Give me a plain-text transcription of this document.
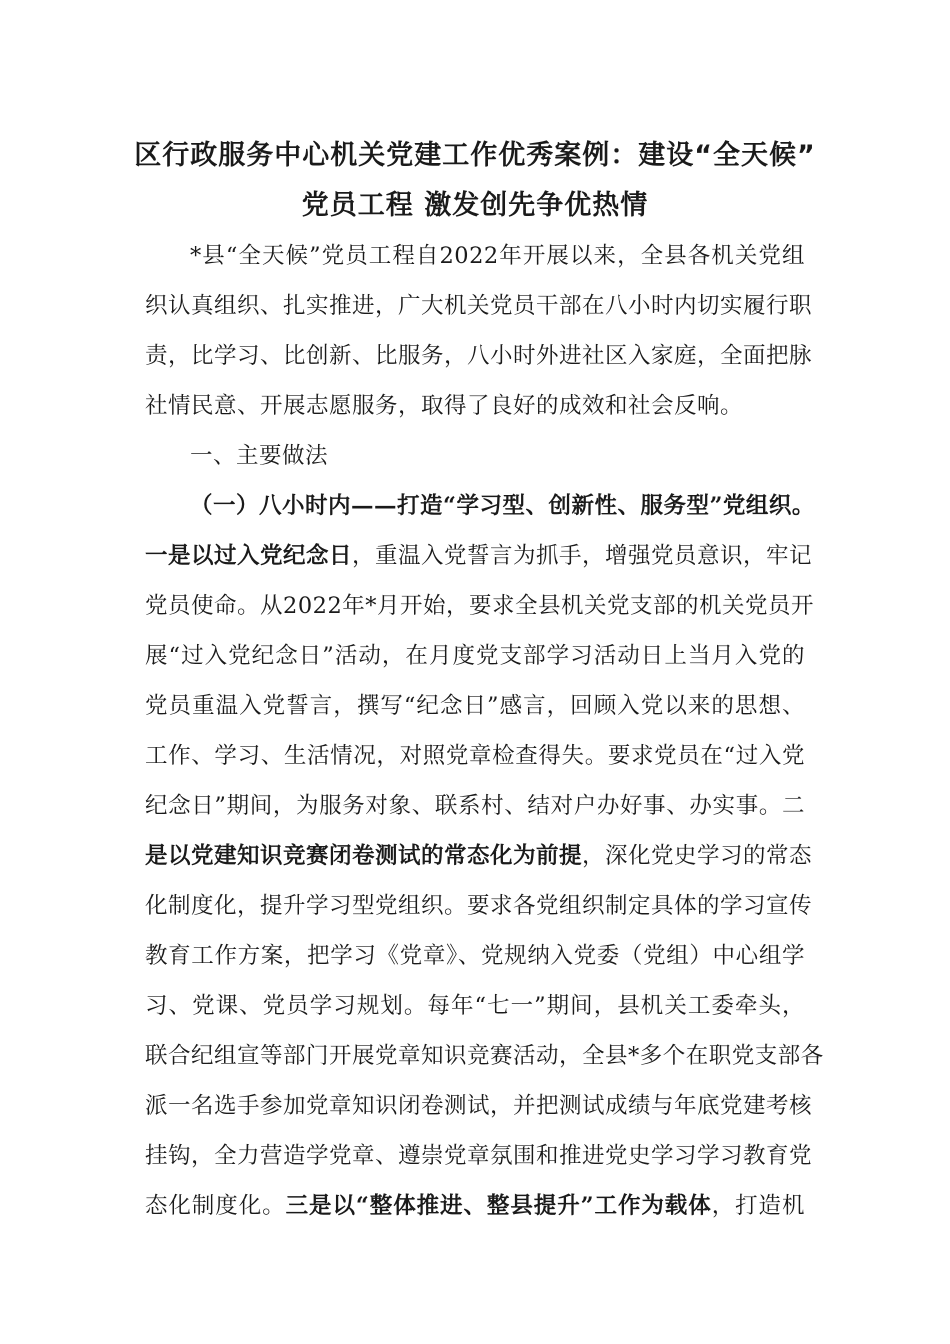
区行政服务中心机关党建工作优秀案例：建设“全天候”
党员工程 激发创先争优热情
*县“全天候”党员工程自2022年开展以来，全县各机关党组
织认真组织、扎实推进，广大机关党员干部在八小时内切实履行职
责，比学习、比创新、比服务，八小时外进社区入家庭，全面把脉
社情民意、开展志愿服务，取得了良好的成效和社会反响。
一、主要做法
（一）八小时内——打造“学习型、创新性、服务型”党组织。
一是以过入党纪念日，重温入党誓言为抓手，增强党员意识，牢记
党员使命。从2022年*月开始，要求全县机关党支部的机关党员开
展“过入党纪念日”活动，在月度党支部学习活动日上当月入党的
党员重温入党誓言，撰写“纪念日”感言，回顾入党以来的思想、
工作、学习、生活情况，对照党章检查得失。要求党员在“过入党
纪念日”期间，为服务对象、联系村、结对户办好事、办实事。二
是以党建知识竞赛闭卷测试的常态化为前提，深化党史学习的常态
化制度化，提升学习型党组织。要求各党组织制定具体的学习宣传
教育工作方案，把学习《党章》、党规纳入党委（党组）中心组学
习、党课、党员学习规划。每年“七一”期间，县机关工委牵头，
联合纪组宣等部门开展党章知识竞赛活动，全县*多个在职党支部各
派一名选手参加党章知识闭卷测试，并把测试成绩与年底党建考核
挂钩，全力营造学党章、遵崇党章氛围和推进党史学习学习教育党
态化制度化。三是以“整体推进、整县提升”工作为载体，打造机
